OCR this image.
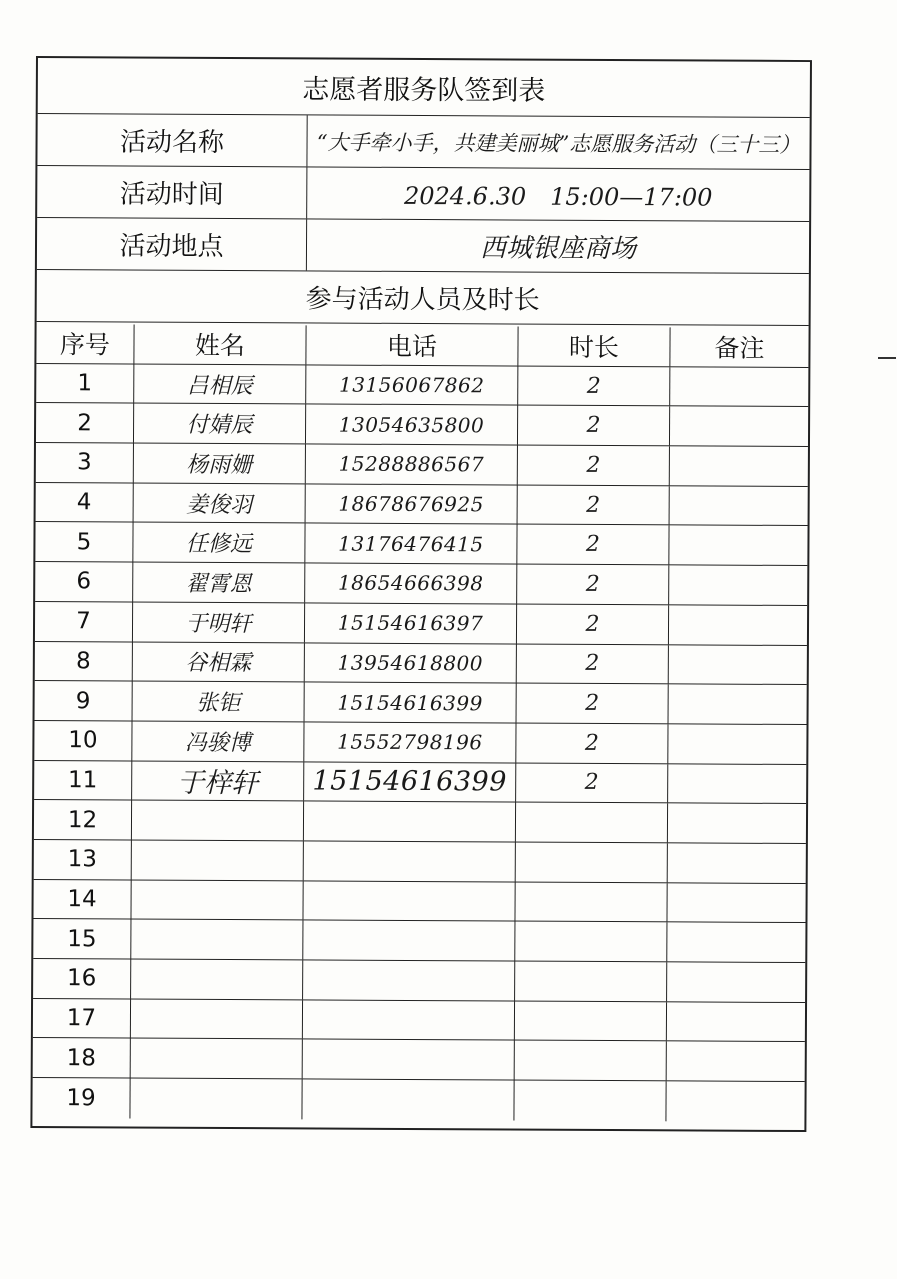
志愿者服务队签到表
活动名称	“大手牵小手，共建美丽城”志愿服务活动（三十三）
活动时间	2024.6.30　15:00—17:00
活动地点	西城银座商场
参与活动人员及时长
序号	姓名	电话	时长	备注
1	吕相辰	13156067862	2
2	付婧辰	13054635800	2
3	杨雨姗	15288886567	2
4	姜俊羽	18678676925	2
5	任修远	13176476415	2
6	翟霄恩	18654666398	2
7	于明轩	15154616397	2
8	谷相霖	13954618800	2
9	张钜	15154616399	2
10	冯骏博	15552798196	2
11	于梓轩	15154616399	2
12
13
14
15
16
17
18
19
